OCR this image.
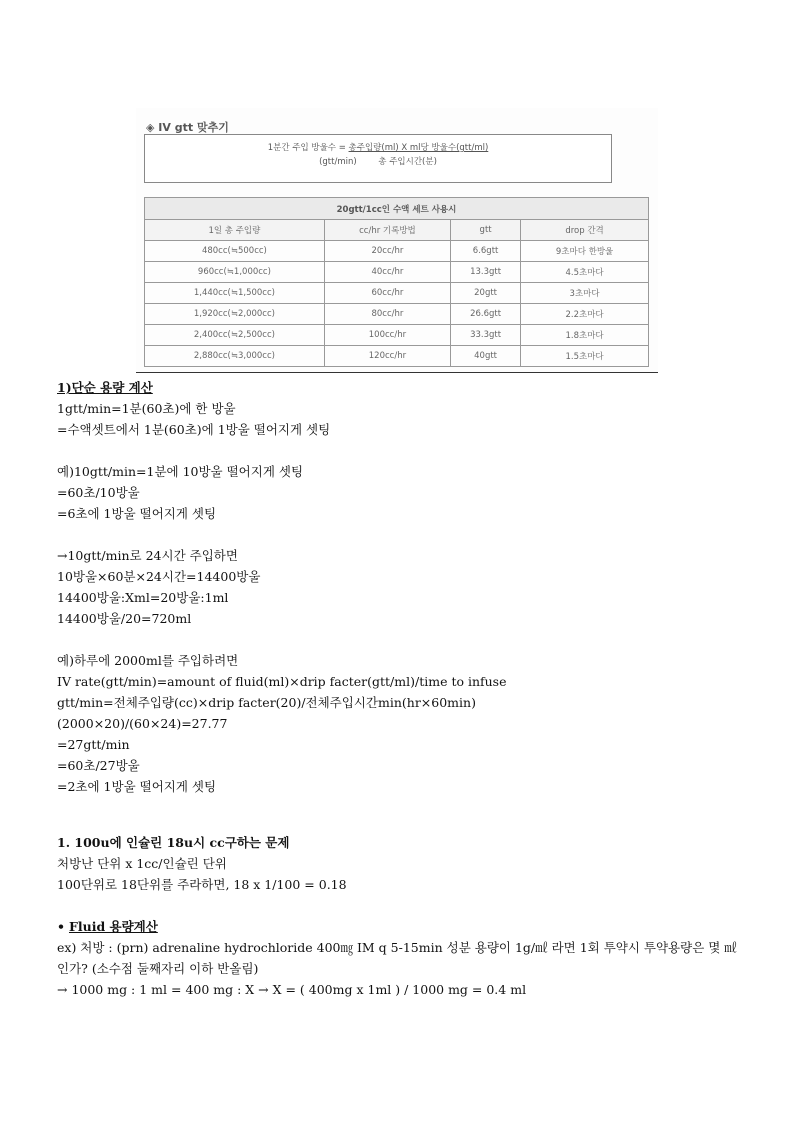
◈ IV gtt 맞추기
1분간 주입 방울수 = 총주입량(ml) X ml당 방울수(gtt/ml)
(gtt/min)        총 주입시간(분)
20gtt/1cc인 수액 세트 사용시			
1일 총 주입량	cc/hr 기록방법	gtt	drop 간격
480cc(≒500cc)	20cc/hr	6.6gtt	9초마다 한방울
960cc(≒1,000cc)	40cc/hr	13.3gtt	4.5초마다
1,440cc(≒1,500cc)	60cc/hr	20gtt	3초마다
1,920cc(≒2,000cc)	80cc/hr	26.6gtt	2.2초마다
2,400cc(≒2,500cc)	100cc/hr	33.3gtt	1.8초마다
2,880cc(≒3,000cc)	120cc/hr	40gtt	1.5초마다

1)단순 용량 계산

1gtt/min=1분(60초)에 한 방울

=수액셋트에서 1분(60초)에 1방울 떨어지게 셋팅

예)10gtt/min=1분에 10방울 떨어지게 셋팅

=60초/10방울

=6초에 1방울 떨어지게 셋팅

→10gtt/min로 24시간 주입하면

10방울×60분×24시간=14400방울

14400방울:Xml=20방울:1ml

14400방울/20=720ml

예)하루에 2000ml를 주입하려면

IV rate(gtt/min)=amount of fluid(ml)×drip facter(gtt/ml)/time to infuse

gtt/min=전체주입량(cc)×drip facter(20)/전체주입시간min(hr×60min)

(2000×20)/(60×24)=27.77

=27gtt/min

=60초/27방울

=2초에 1방울 떨어지게 셋팅

1. 100u에 인슐린 18u시 cc구하는 문제

처방난 단위 x 1cc/인슐린 단위

100단위로 18단위를 주라하면, 18 x 1/100 = 0.18

• Fluid 용량계산

ex) 처방 : (prn) adrenaline hydrochloride 400㎎ IM q 5-15min 성분 용량이 1g/㎖ 라면 1회 투약시 투약용량은 몇 ㎖인가? (소수점 둘째자리 이하 반올림)

→ 1000 mg : 1 ml = 400 mg : X → X = ( 400mg x 1ml ) / 1000 mg = 0.4 ml
